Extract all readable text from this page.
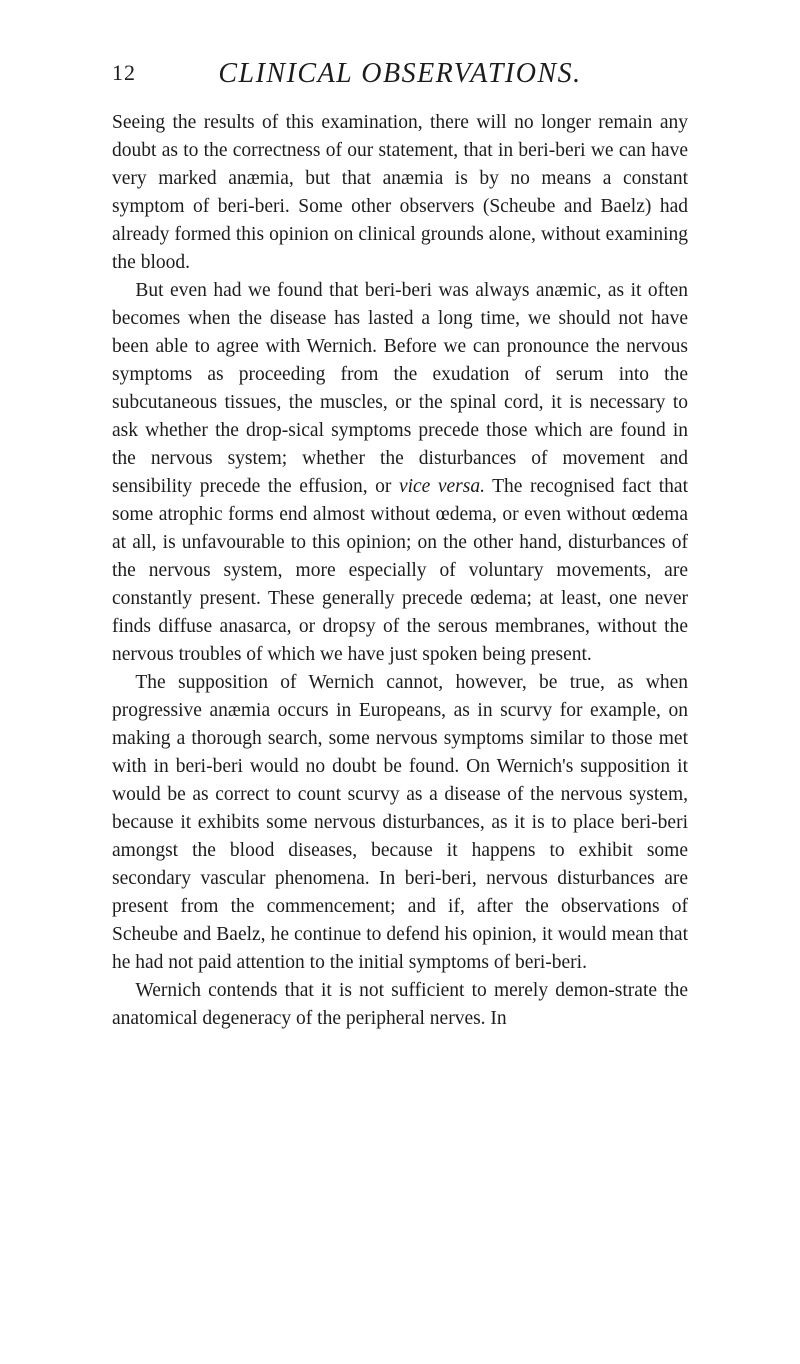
12	CLINICAL OBSERVATIONS.

Seeing the results of this examination, there will no longer remain any doubt as to the correctness of our statement, that in beri-beri we can have very marked anæmia, but that anæmia is by no means a constant symptom of beri-beri. Some other observers (Scheube and Baelz) had already formed this opinion on clinical grounds alone, without examining the blood.

But even had we found that beri-beri was always anæmic, as it often becomes when the disease has lasted a long time, we should not have been able to agree with Wernich. Before we can pronounce the nervous symptoms as proceeding from the exudation of serum into the subcutaneous tissues, the muscles, or the spinal cord, it is necessary to ask whether the drop-sical symptoms precede those which are found in the nervous system; whether the disturbances of movement and sensibility precede the effusion, or vice versa. The recognised fact that some atrophic forms end almost without œdema, or even without œdema at all, is unfavourable to this opinion; on the other hand, disturbances of the nervous system, more especially of voluntary movements, are constantly present. These generally precede œdema; at least, one never finds diffuse anasarca, or dropsy of the serous membranes, without the nervous troubles of which we have just spoken being present.

The supposition of Wernich cannot, however, be true, as when progressive anæmia occurs in Europeans, as in scurvy for example, on making a thorough search, some nervous symptoms similar to those met with in beri-beri would no doubt be found. On Wernich's supposition it would be as correct to count scurvy as a disease of the nervous system, because it exhibits some nervous disturbances, as it is to place beri-beri amongst the blood diseases, because it happens to exhibit some secondary vascular phenomena. In beri-beri, nervous disturbances are present from the commencement; and if, after the observations of Scheube and Baelz, he continue to defend his opinion, it would mean that he had not paid attention to the initial symptoms of beri-beri.

Wernich contends that it is not sufficient to merely demon-strate the anatomical degeneracy of the peripheral nerves. In
